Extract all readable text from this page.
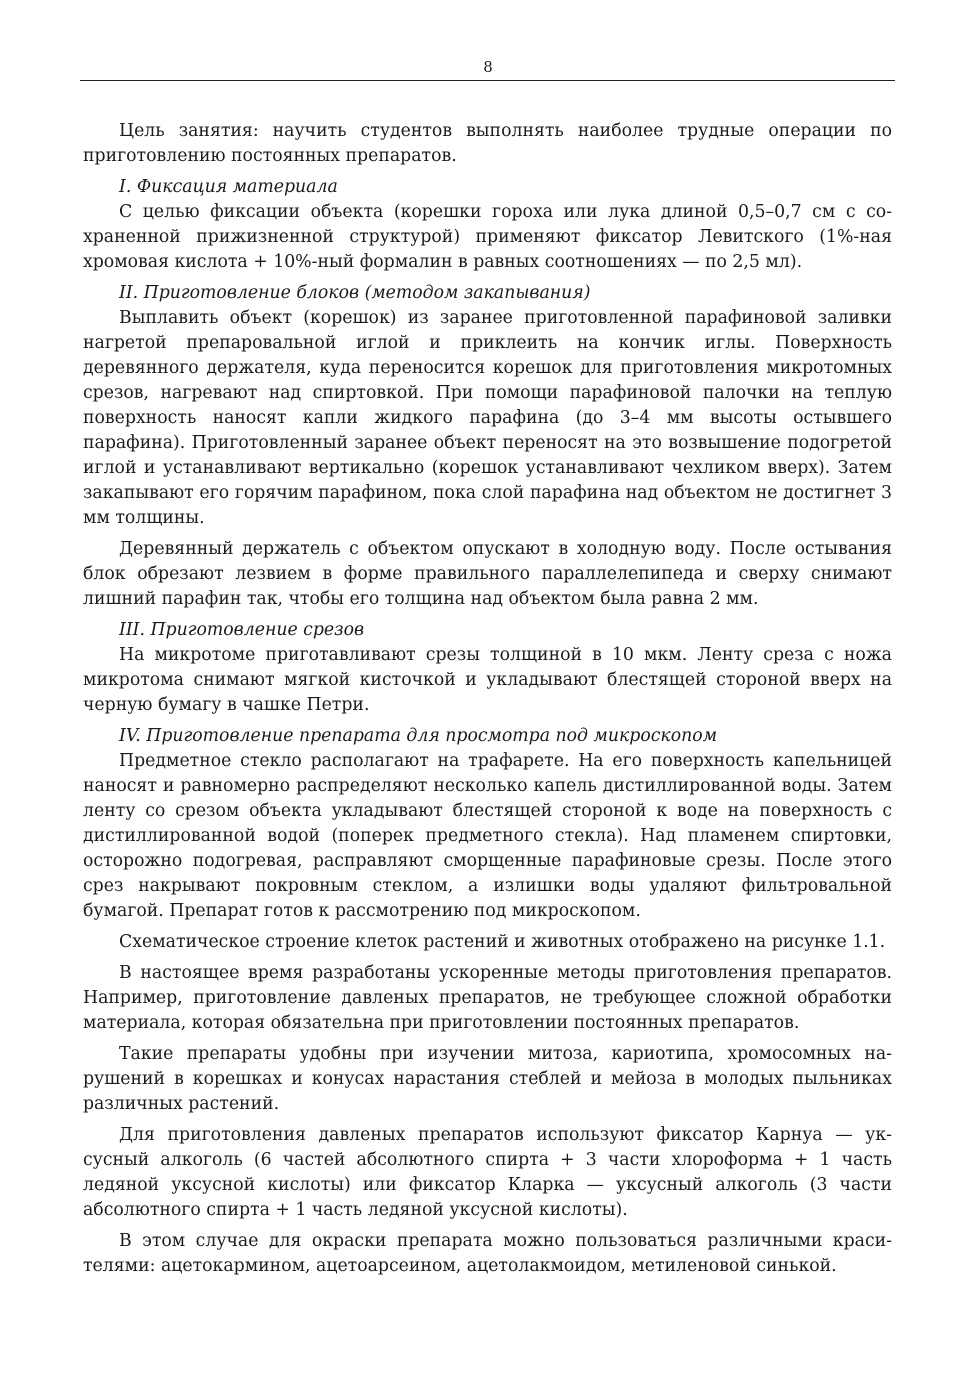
8

Цель занятия: научить студентов выполнять наиболее трудные операции по приготовлению постоянных препаратов.

I. Фиксация материала

С целью фиксации объекта (корешки гороха или лука длиной 0,5–0,7 см с сохраненной прижизненной структурой) применяют фиксатор Левитского (1%-ная хромовая кислота + 10%-ный формалин в равных соотношениях — по 2,5 мл).

II. Приготовление блоков (методом закапывания)

Выплавить объект (корешок) из заранее приготовленной парафиновой заливки нагретой препаровальной иглой и приклеить на кончик иглы. Поверхность деревянного держателя, куда переносится корешок для приготовления микротомных срезов, нагревают над спиртовкой. При помощи парафиновой палочки на теплую поверхность наносят капли жидкого парафина (до 3–4 мм высоты остывшего парафина). Приготовленный заранее объект переносят на это возвышение подогретой иглой и устанавливают вертикально (корешок устанавливают чехликом вверх). Затем закапывают его горячим парафином, пока слой парафина над объектом не достигнет 3 мм толщины.

Деревянный держатель с объектом опускают в холодную воду. После остывания блок обрезают лезвием в форме правильного параллелепипеда и сверху снимают лишний парафин так, чтобы его толщина над объектом была равна 2 мм.

III. Приготовление срезов

На микротоме приготавливают срезы толщиной в 10 мкм. Ленту среза с ножа микротома снимают мягкой кисточкой и укладывают блестящей стороной вверх на черную бумагу в чашке Петри.

IV. Приготовление препарата для просмотра под микроскопом

Предметное стекло располагают на трафарете. На его поверхность капельницей наносят и равномерно распределяют несколько капель дистиллированной воды. Затем ленту со срезом объекта укладывают блестящей стороной к воде на поверхность с дистиллированной водой (поперек предметного стекла). Над пламенем спиртовки, осторожно подогревая, расправляют сморщенные парафиновые срезы. После этого срез накрывают покровным стеклом, а излишки воды удаляют фильтровальной бумагой. Препарат готов к рассмотрению под микроскопом.

Схематическое строение клеток растений и животных отображено на рисунке 1.1.

В настоящее время разработаны ускоренные методы приготовления препаратов. Например, приготовление давленых препаратов, не требующее сложной обработки материала, которая обязательна при приготовлении постоянных препаратов.

Такие препараты удобны при изучении митоза, кариотипа, хромосомных нарушений в корешках и конусах нарастания стеблей и мейоза в молодых пыльниках различных растений.

Для приготовления давленых препаратов используют фиксатор Карнуа — уксусный алкоголь (6 частей абсолютного спирта + 3 части хлороформа + 1 часть ледяной уксусной кислоты) или фиксатор Кларка — уксусный алкоголь (3 части абсолютного спирта + 1 часть ледяной уксусной кислоты).

В этом случае для окраски препарата можно пользоваться различными красителями: ацетокармином, ацетоарсеином, ацетолакмоидом, метиленовой синькой.
